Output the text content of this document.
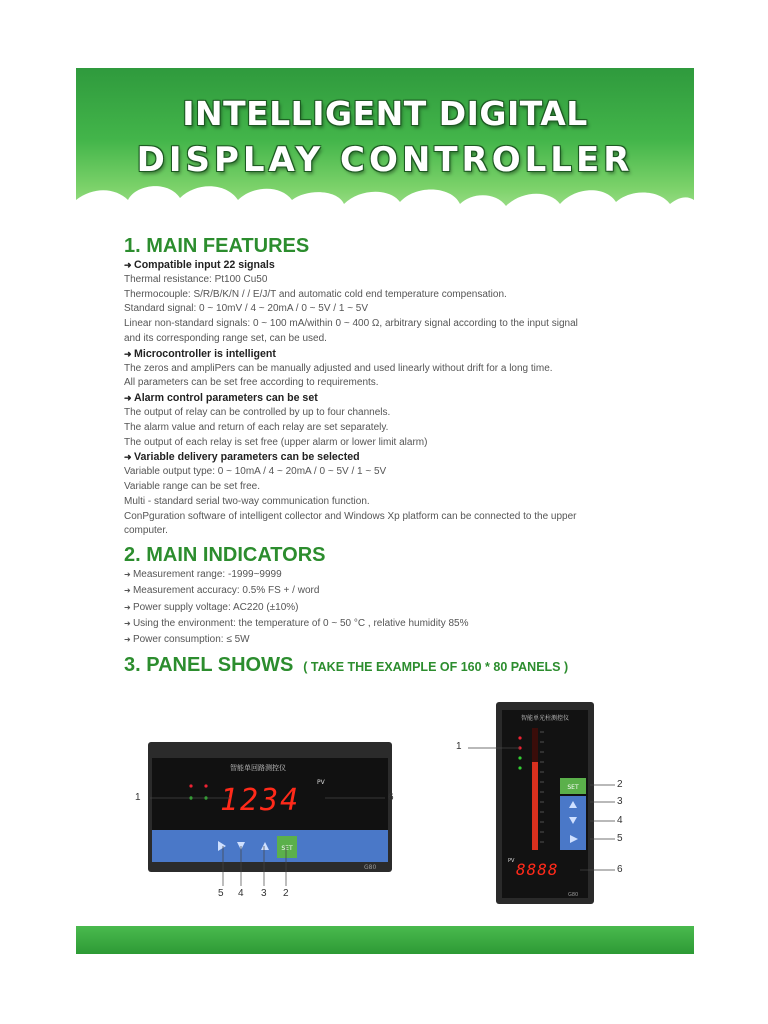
INTELLIGENT DIGITAL
DISPLAY CONTROLLER
1. MAIN FEATURES
➜ Compatible input 22 signals
Thermal resistance: Pt100 Cu50
Thermocouple: S/R/B/K/N / / E/J/T and automatic cold end temperature compensation.
Standard signal: 0 ~ 10mV / 4 ~ 20mA / 0 ~ 5V / 1 ~ 5V
Linear non-standard signals: 0 ~ 100 mA/within 0 ~ 400 Ω, arbitrary signal according to the input signal
and its corresponding range set, can be used.
➜ Microcontroller is intelligent
The zeros and ampliPers can be manually adjusted and used linearly without drift for a long time.
All parameters can be set free according to requirements.
➜ Alarm control parameters can be set
The output of relay can be controlled by up to four channels.
The alarm value and return of each relay are set separately.
The output of each relay is set free (upper alarm or lower limit alarm)
➜ Variable delivery parameters can be selected
Variable output type: 0 ~ 10mA / 4 ~ 20mA / 0 ~ 5V / 1 ~ 5V
Variable range can be set free.
Multi - standard serial two-way communication function.
ConPguration software of intelligent collector and Windows Xp platform can be connected to the upper
computer.
2. MAIN INDICATORS
➜ Measurement range: -1999~9999
➜ Measurement accuracy: 0.5% FS + / word
➜ Power supply voltage: AC220 (±10%)
➜ Using the environment: the temperature of 0 ~ 50 °C , relative humidity 85%
➜ Power consumption: ≤ 5W
3. PANEL SHOWS ( TAKE THE EXAMPLE OF 160 * 80 PANELS )
智能单回路测控仪
1234
PV
SET
G80
1	6
5 4 3 2
智能单光柱测控仪
SET
PV 8888
G80
1
2
3
4
5
6
